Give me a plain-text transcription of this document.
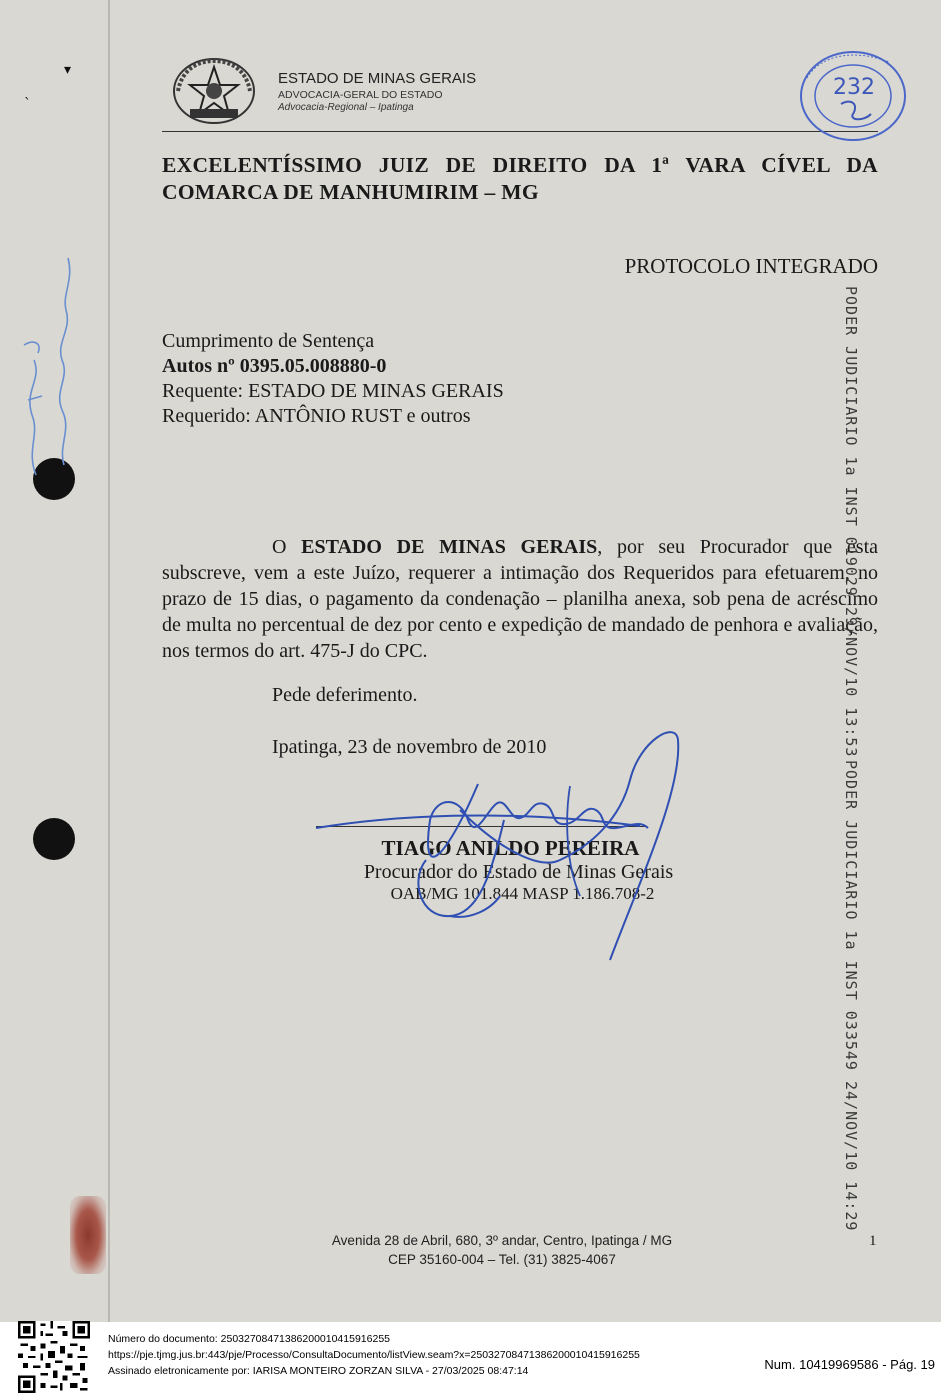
▾
ˎ
ESTADO DE MINAS GERAIS
ADVOCACIA-GERAL DO ESTADO
Advocacia-Regional – Ipatinga
232
EXCELENTÍSSIMO JUIZ DE DIREITO DA 1ª VARA CÍVEL DA COMARCA DE MANHUMIRIM – MG
PROTOCOLO INTEGRADO
Cumprimento de Sentença
Autos nº 0395.05.008880-0
Requente: ESTADO DE MINAS GERAIS
Requerido: ANTÔNIO RUST e outros
O ESTADO DE MINAS GERAIS, por seu Procurador que esta subscreve, vem a este Juízo, requerer a intimação dos Requeridos para efetuarem, no prazo de 15 dias, o pagamento da condenação – planilha anexa, sob pena de acréscimo de multa no percentual de dez por cento e expedição de mandado de penhora e avaliação, nos termos do art. 475-J do CPC.
Pede deferimento.
Ipatinga, 23 de novembro de 2010
TIAGO ANILDO PEREIRA
Procurador do Estado de Minas Gerais
OAB/MG 101.844 MASP 1.186.708-2
PODER JUDICIARIO 1a INST 019029 29/NOV/10 13:53
PODER JUDICIARIO 1a INST 033549 24/NOV/10 14:29
Avenida 28 de Abril, 680, 3º andar, Centro, Ipatinga / MG
CEP 35160-004 – Tel. (31) 3825-4067
1
Número do documento: 25032708471386200010415916255
https://pje.tjmg.jus.br:443/pje/Processo/ConsultaDocumento/listView.seam?x=25032708471386200010415916255
Assinado eletronicamente por: IARISA MONTEIRO ZORZAN SILVA - 27/03/2025 08:47:14	Num. 10419969586 - Pág. 19
